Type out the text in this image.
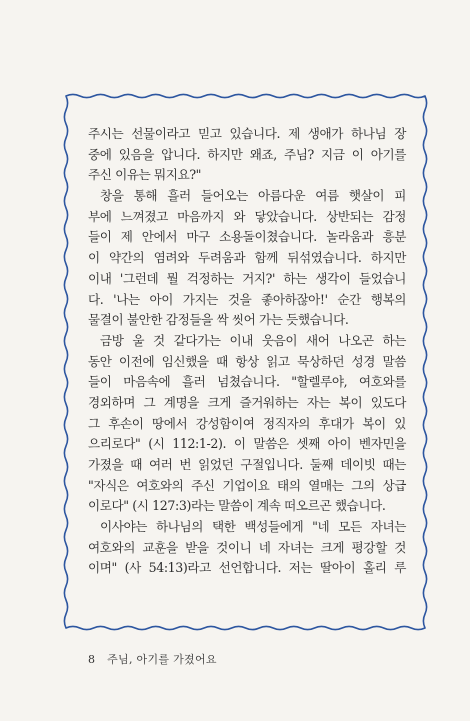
주시는 선물이라고 믿고 있습니다. 제 생애가 하나님 장
중에 있음을 압니다. 하지만 왜죠, 주님? 지금 이 아기를
주신 이유는 뭐지요?"
창을 통해 흘러 들어오는 아름다운 여름 햇살이 피
부에 느껴졌고 마음까지 와 닿았습니다. 상반되는 감정
들이 제 안에서 마구 소용돌이쳤습니다. 놀라움과 흥분
이 약간의 염려와 두려움과 함께 뒤섞였습니다. 하지만
이내 '그런데 뭘 걱정하는 거지?' 하는 생각이 들었습니
다. '나는 아이 가지는 것을 좋아하잖아!' 순간 행복의
물결이 불안한 감정들을 싹 씻어 가는 듯했습니다.
금방 울 것 같다가는 이내 웃음이 새어 나오곤 하는
동안 이전에 임신했을 때 항상 읽고 묵상하던 성경 말씀
들이 마음속에 흘러 넘쳤습니다. "할렐루야, 여호와를
경외하며 그 계명을 크게 즐거워하는 자는 복이 있도다
그 후손이 땅에서 강성함이여 정직자의 후대가 복이 있
으리로다" (시 112:1-2). 이 말씀은 셋째 아이 벤자민을
가졌을 때 여러 번 읽었던 구절입니다. 둘째 데이빗 때는
"자식은 여호와의 주신 기업이요 태의 열매는 그의 상급
이로다" (시 127:3)라는 말씀이 계속 떠오르곤 했습니다.
이사야는 하나님의 택한 백성들에게 "네 모든 자녀는
여호와의 교훈을 받을 것이니 네 자녀는 크게 평강할 것
이며" (사 54:13)라고 선언합니다. 저는 딸아이 홀리 루
8 주님, 아기를 가졌어요
